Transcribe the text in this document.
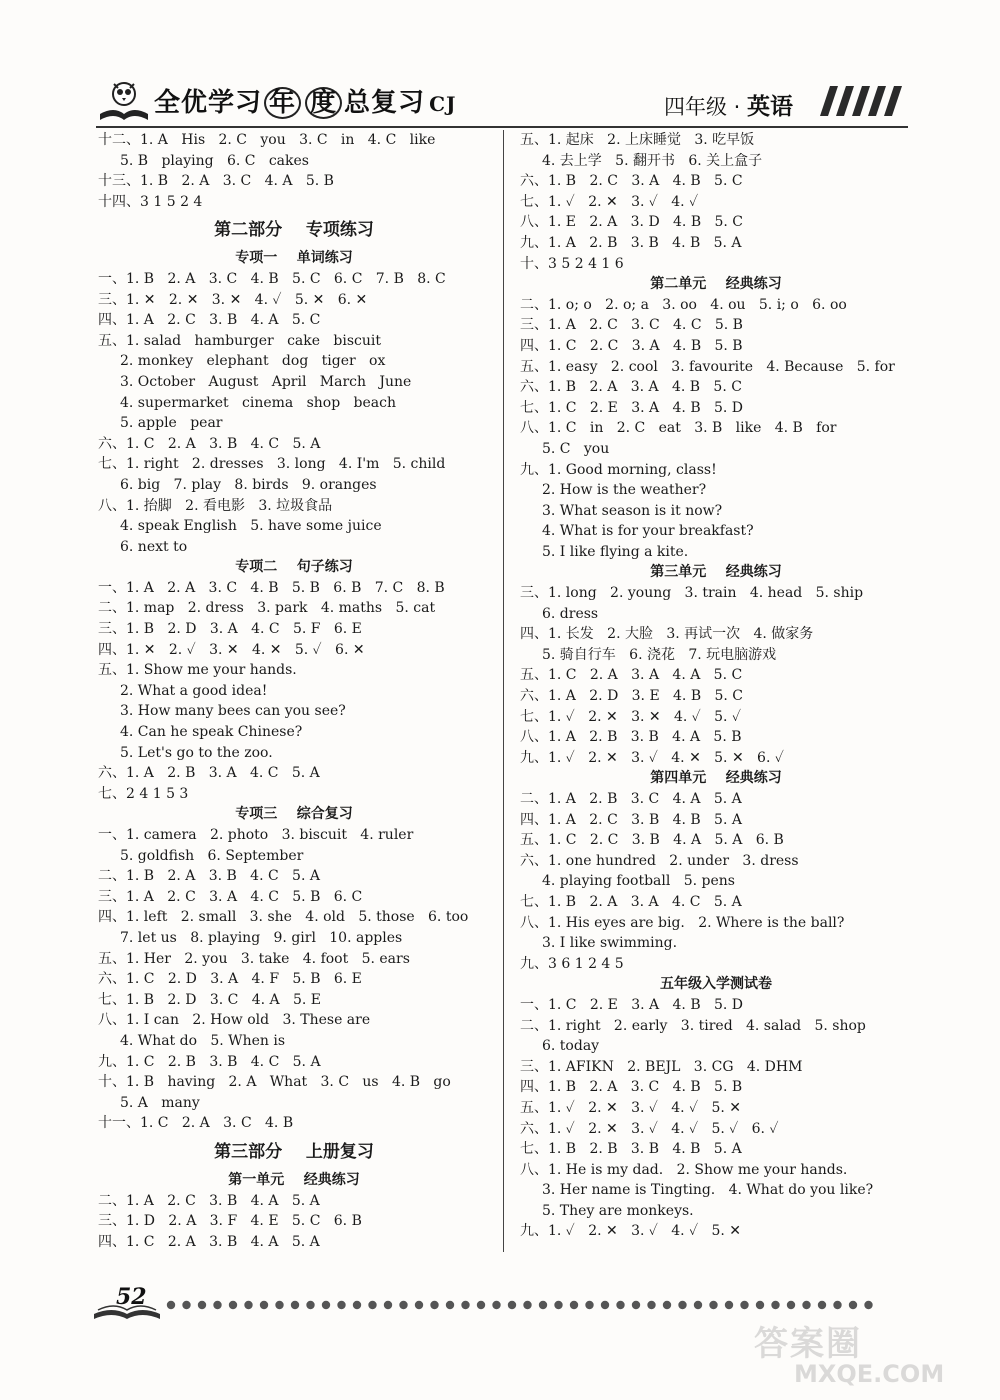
全优学习 年 度 总复习 CJ	四年级 · 英语
十二、1. A   His   2. C   you   3. C   in   4. C   like
5. B   playing   6. C   cakes
十三、1. B   2. A   3. C   4. A   5. B
十四、3 1 5 2 4
第二部分    专项练习
专项一    单词练习
一、1. B   2. A   3. C   4. B   5. C   6. C   7. B   8. C
三、1. ✕   2. ✕   3. ✕   4. ✓   5. ✕   6. ✕
四、1. A   2. C   3. B   4. A   5. C
五、1. salad   hamburger   cake   biscuit
2. monkey   elephant   dog   tiger   ox
3. October   August   April   March   June
4. supermarket   cinema   shop   beach
5. apple   pear
六、1. C   2. A   3. B   4. C   5. A
七、1. right   2. dresses   3. long   4. I'm   5. child
6. big   7. play   8. birds   9. oranges
八、1. 抬脚   2. 看电影   3. 垃圾食品
4. speak English   5. have some juice
6. next to
专项二    句子练习
一、1. A   2. A   3. C   4. B   5. B   6. B   7. C   8. B
二、1. map   2. dress   3. park   4. maths   5. cat
三、1. B   2. D   3. A   4. C   5. F   6. E
四、1. ✕   2. ✓   3. ✕   4. ✕   5. ✓   6. ✕
五、1. Show me your hands.
2. What a good idea!
3. How many bees can you see?
4. Can he speak Chinese?
5. Let's go to the zoo.
六、1. A   2. B   3. A   4. C   5. A
七、2 4 1 5 3
专项三    综合复习
一、1. camera   2. photo   3. biscuit   4. ruler
5. goldfish   6. September
二、1. B   2. A   3. B   4. C   5. A
三、1. A   2. C   3. A   4. C   5. B   6. C
四、1. left   2. small   3. she   4. old   5. those   6. too
7. let us   8. playing   9. girl   10. apples
五、1. Her   2. you   3. take   4. foot   5. ears
六、1. C   2. D   3. A   4. F   5. B   6. E
七、1. B   2. D   3. C   4. A   5. E
八、1. I can   2. How old   3. These are
4. What do   5. When is
九、1. C   2. B   3. B   4. C   5. A
十、1. B   having   2. A   What   3. C   us   4. B   go
5. A   many
十一、1. C   2. A   3. C   4. B
第三部分    上册复习
第一单元    经典练习
二、1. A   2. C   3. B   4. A   5. A
三、1. D   2. A   3. F   4. E   5. C   6. B
四、1. C   2. A   3. B   4. A   5. A
五、1. 起床   2. 上床睡觉   3. 吃早饭
4. 去上学   5. 翻开书   6. 关上盒子
六、1. B   2. C   3. A   4. B   5. C
七、1. ✓   2. ✕   3. ✓   4. ✓
八、1. E   2. A   3. D   4. B   5. C
九、1. A   2. B   3. B   4. B   5. A
十、3 5 2 4 1 6
第二单元    经典练习
二、1. o; o   2. o; a   3. oo   4. ou   5. i; o   6. oo
三、1. A   2. C   3. C   4. C   5. B
四、1. C   2. C   3. A   4. B   5. B
五、1. easy   2. cool   3. favourite   4. Because   5. for
六、1. B   2. A   3. A   4. B   5. C
七、1. C   2. E   3. A   4. B   5. D
八、1. C   in   2. C   eat   3. B   like   4. B   for
5. C   you
九、1. Good morning, class!
2. How is the weather?
3. What season is it now?
4. What is for your breakfast?
5. I like flying a kite.
第三单元    经典练习
三、1. long   2. young   3. train   4. head   5. ship
6. dress
四、1. 长发   2. 大脸   3. 再试一次   4. 做家务
5. 骑自行车   6. 浇花   7. 玩电脑游戏
五、1. C   2. A   3. A   4. A   5. C
六、1. A   2. D   3. E   4. B   5. C
七、1. ✓   2. ✕   3. ✕   4. ✓   5. ✓
八、1. A   2. B   3. B   4. A   5. B
九、1. ✓   2. ✕   3. ✓   4. ✕   5. ✕   6. ✓
第四单元    经典练习
二、1. A   2. B   3. C   4. A   5. A
四、1. A   2. C   3. B   4. B   5. A
五、1. C   2. C   3. B   4. A   5. A   6. B
六、1. one hundred   2. under   3. dress
4. playing football   5. pens
七、1. B   2. A   3. A   4. C   5. A
八、1. His eyes are big.   2. Where is the ball?
3. I like swimming.
九、3 6 1 2 4 5
五年级入学测试卷
一、1. C   2. E   3. A   4. B   5. D
二、1. right   2. early   3. tired   4. salad   5. shop
6. today
三、1. AFIKN   2. BEJL   3. CG   4. DHM
四、1. B   2. A   3. C   4. B   5. B
五、1. ✓   2. ✕   3. ✓   4. ✓   5. ✕
六、1. ✓   2. ✕   3. ✓   4. ✓   5. ✓   6. ✓
七、1. B   2. B   3. B   4. B   5. A
八、1. He is my dad.   2. Show me your hands.
3. Her name is Tingting.   4. What do you like?
5. They are monkeys.
九、1. ✓   2. ✕   3. ✓   4. ✓   5. ✕
52
答案圈
MXQE.COM
